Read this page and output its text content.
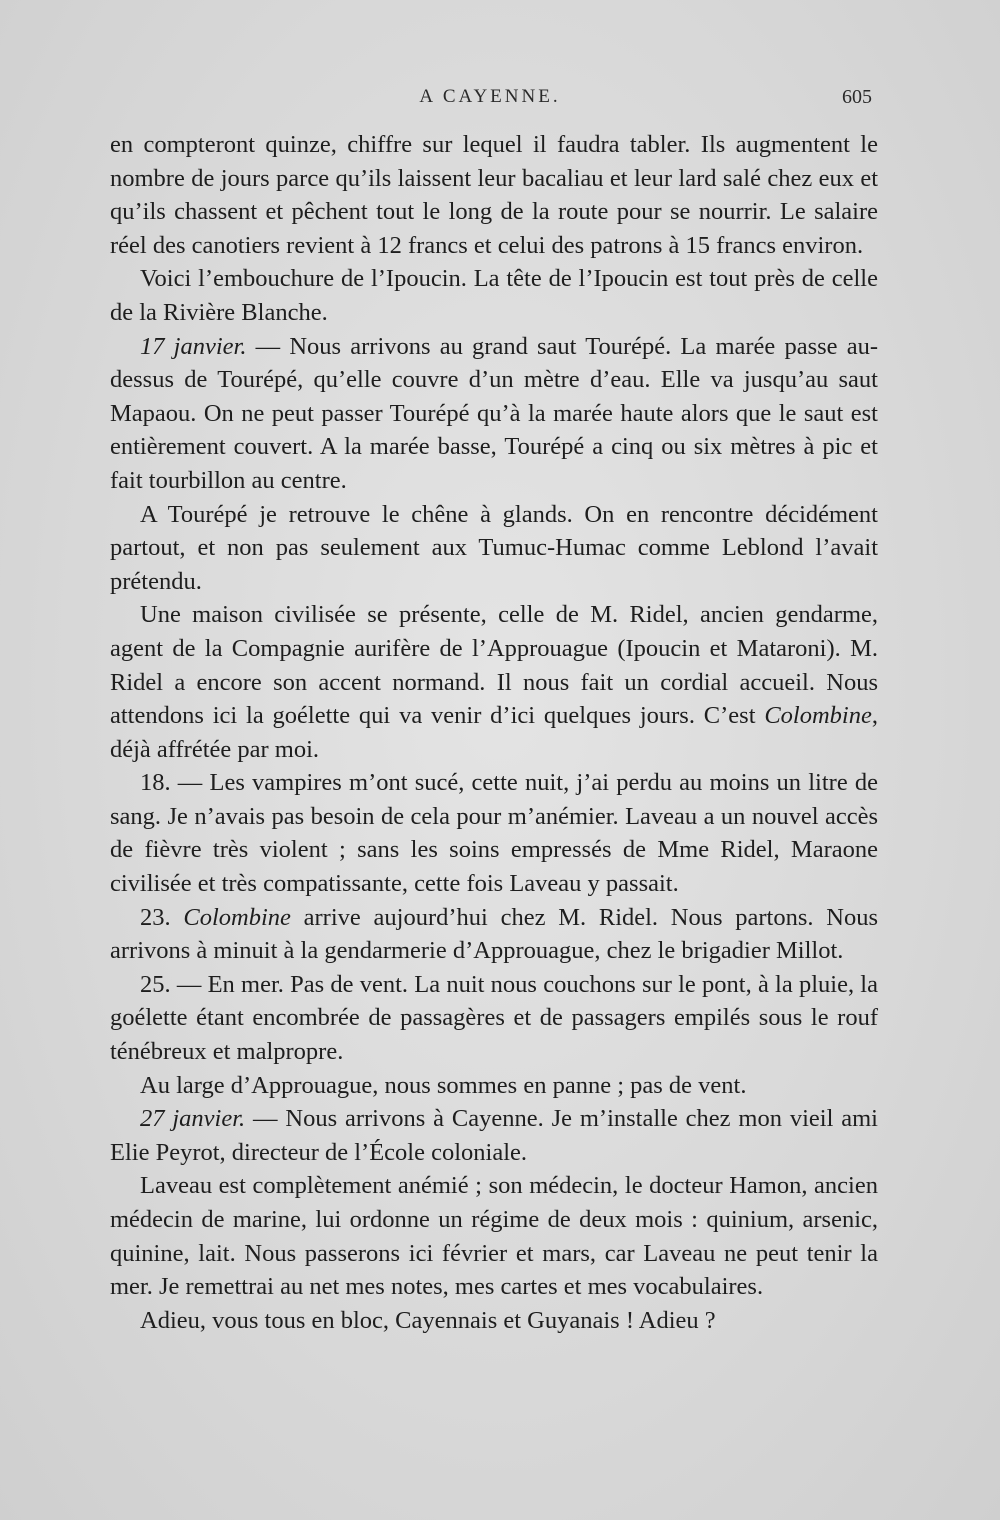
A CAYENNE.	605

en compteront quinze, chiffre sur lequel il faudra tabler. Ils augmentent le nombre de jours parce qu’ils laissent leur bacaliau et leur lard salé chez eux et qu’ils chassent et pêchent tout le long de la route pour se nourrir. Le salaire réel des canotiers revient à 12 francs et celui des patrons à 15 francs environ.

Voici l’embouchure de l’Ipoucin. La tête de l’Ipoucin est tout près de celle de la Rivière Blanche.

17 janvier. — Nous arrivons au grand saut Tourépé. La marée passe au-dessus de Tourépé, qu’elle couvre d’un mètre d’eau. Elle va jusqu’au saut Mapaou. On ne peut passer Tourépé qu’à la marée haute alors que le saut est entièrement couvert. A la marée basse, Tourépé a cinq ou six mètres à pic et fait tourbillon au centre.

A Tourépé je retrouve le chêne à glands. On en rencontre décidément partout, et non pas seulement aux Tumuc-Humac comme Leblond l’avait prétendu.

Une maison civilisée se présente, celle de M. Ridel, ancien gendarme, agent de la Compagnie aurifère de l’Approuague (Ipoucin et Mataroni). M. Ridel a encore son accent normand. Il nous fait un cordial accueil. Nous attendons ici la goélette qui va venir d’ici quelques jours. C’est Colombine, déjà affrétée par moi.

18. — Les vampires m’ont sucé, cette nuit, j’ai perdu au moins un litre de sang. Je n’avais pas besoin de cela pour m’anémier. Laveau a un nouvel accès de fièvre très violent ; sans les soins empressés de Mme Ridel, Maraone civilisée et très compatissante, cette fois Laveau y passait.

23. Colombine arrive aujourd’hui chez M. Ridel. Nous partons. Nous arrivons à minuit à la gendarmerie d’Approuague, chez le brigadier Millot.

25. — En mer. Pas de vent. La nuit nous couchons sur le pont, à la pluie, la goélette étant encombrée de passagères et de passagers empilés sous le rouf ténébreux et malpropre.

Au large d’Approuague, nous sommes en panne ; pas de vent.

27 janvier. — Nous arrivons à Cayenne. Je m’installe chez mon vieil ami Elie Peyrot, directeur de l’École coloniale.

Laveau est complètement anémié ; son médecin, le docteur Hamon, ancien médecin de marine, lui ordonne un régime de deux mois : quinium, arsenic, quinine, lait. Nous passerons ici février et mars, car Laveau ne peut tenir la mer. Je remettrai au net mes notes, mes cartes et mes vocabulaires.

Adieu, vous tous en bloc, Cayennais et Guyanais ! Adieu ?
